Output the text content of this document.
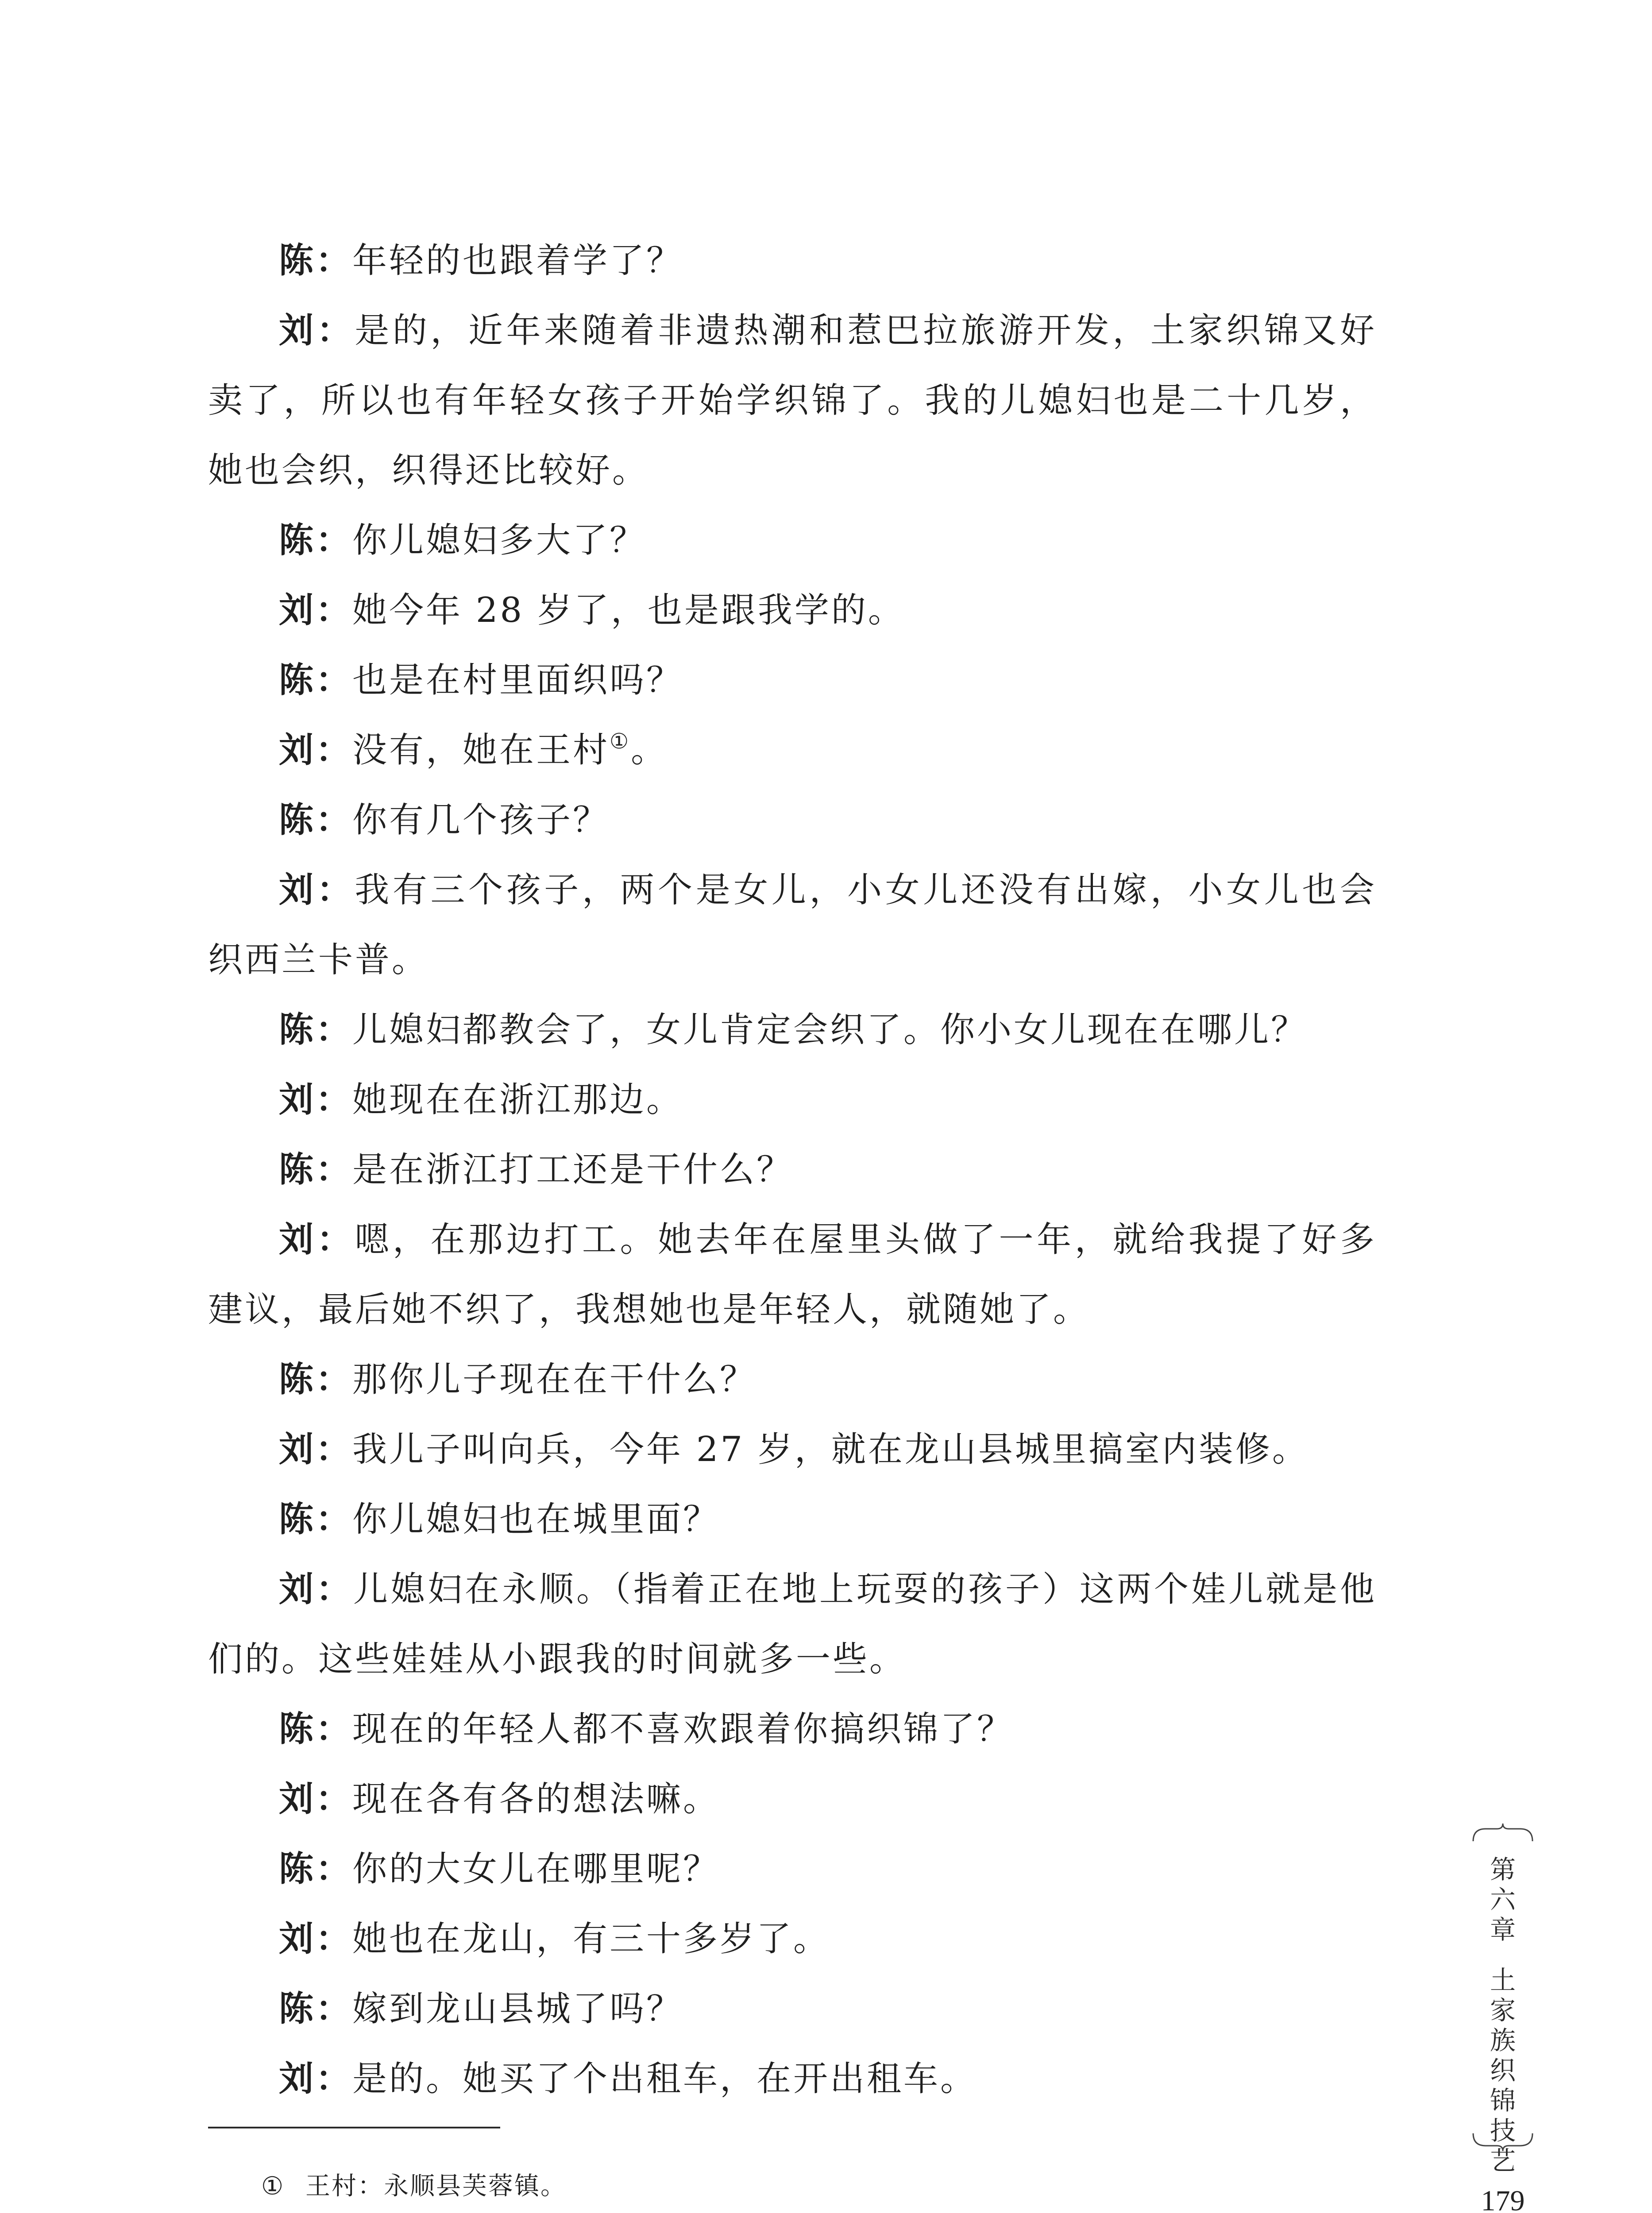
陈：年轻的也跟着学了？

刘：是的，近年来随着非遗热潮和惹巴拉旅游开发，土家织锦又好卖了，所以也有年轻女孩子开始学织锦了。我的儿媳妇也是二十几岁，她也会织，织得还比较好。

陈：你儿媳妇多大了？

刘：她今年 28 岁了，也是跟我学的。

陈：也是在村里面织吗？

刘：没有，她在王村①。

陈：你有几个孩子？

刘：我有三个孩子，两个是女儿，小女儿还没有出嫁，小女儿也会织西兰卡普。

陈：儿媳妇都教会了，女儿肯定会织了。你小女儿现在在哪儿？

刘：她现在在浙江那边。

陈：是在浙江打工还是干什么？

刘：嗯，在那边打工。她去年在屋里头做了一年，就给我提了好多建议，最后她不织了，我想她也是年轻人，就随她了。

陈：那你儿子现在在干什么？

刘：我儿子叫向兵，今年 27 岁，就在龙山县城里搞室内装修。

陈：你儿媳妇也在城里面？

刘：儿媳妇在永顺。（指着正在地上玩耍的孩子）这两个娃儿就是他们的。这些娃娃从小跟我的时间就多一些。

陈：现在的年轻人都不喜欢跟着你搞织锦了？

刘：现在各有各的想法嘛。

陈：你的大女儿在哪里呢？

刘：她也在龙山，有三十多岁了。

陈：嫁到龙山县城了吗？

刘：是的。她买了个出租车，在开出租车。

① 王村：永顺县芙蓉镇。
第
六
章
土
家
族
织
锦
技
艺
179
